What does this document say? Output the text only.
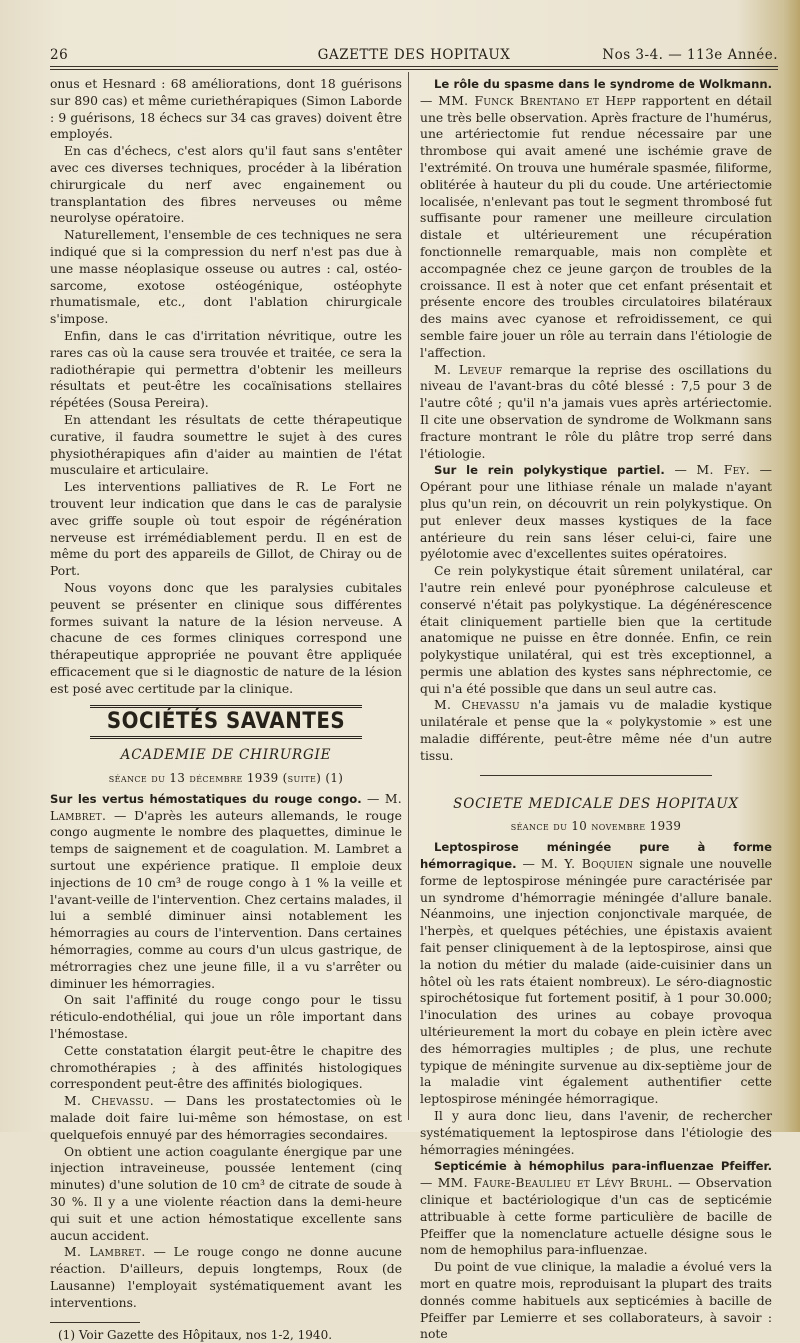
26	GAZETTE DES HOPITAUX	Nos 3-4. — 113e Année.

onus et Hesnard : 68 améliorations, dont 18 guérisons sur 890 cas) et même curiethérapiques (Simon Laborde : 9 guérisons, 18 échecs sur 34 cas graves) doivent être employés.

En cas d'échecs, c'est alors qu'il faut sans s'entêter avec ces diverses techniques, procéder à la libération chirurgicale du nerf avec engainement ou transplantation des fibres nerveuses ou même neurolyse opératoire.

Naturellement, l'ensemble de ces techniques ne sera indiqué que si la compression du nerf n'est pas due à une masse néoplasique osseuse ou autres : cal, ostéo-sarcome, exotose ostéogénique, ostéophyte rhumatismale, etc., dont l'ablation chirurgicale s'impose.

Enfin, dans le cas d'irritation névritique, outre les rares cas où la cause sera trouvée et traitée, ce sera la radiothérapie qui permettra d'obtenir les meilleurs résultats et peut-être les cocaïnisations stellaires répétées (Sousa Pereira).

En attendant les résultats de cette thérapeutique curative, il faudra soumettre le sujet à des cures physiothérapiques afin d'aider au maintien de l'état musculaire et articulaire.

Les interventions palliatives de R. Le Fort ne trouvent leur indication que dans le cas de paralysie avec griffe souple où tout espoir de régénération nerveuse est irrémédiablement perdu. Il en est de même du port des appareils de Gillot, de Chiray ou de Port.

Nous voyons donc que les paralysies cubitales peuvent se présenter en clinique sous différentes formes suivant la nature de la lésion nerveuse. A chacune de ces formes cliniques correspond une thérapeutique appropriée ne pouvant être appliquée efficacement que si le diagnostic de nature de la lésion est posé avec certitude par la clinique.

SOCIÉTÉS SAVANTES
ACADEMIE DE CHIRURGIE
séance du 13 décembre 1939 (suite) (1)

Sur les vertus hémostatiques du rouge congo. — M. Lambret. — D'après les auteurs allemands, le rouge congo augmente le nombre des plaquettes, diminue le temps de saignement et de coagulation. M. Lambret a surtout une expérience pratique. Il emploie deux injections de 10 cm³ de rouge congo à 1 % la veille et l'avant-veille de l'intervention. Chez certains malades, il lui a semblé diminuer ainsi notablement les hémorragies au cours de l'intervention. Dans certaines hémorragies, comme au cours d'un ulcus gastrique, de métrorragies chez une jeune fille, il a vu s'arrêter ou diminuer les hémorragies.

On sait l'affinité du rouge congo pour le tissu réticulo-endothélial, qui joue un rôle important dans l'hémostase.

Cette constatation élargit peut-être le chapitre des chromothérapies ; à des affinités histologiques correspondent peut-être des affinités biologiques.

M. Chevassu. — Dans les prostatectomies où le malade doit faire lui-même son hémostase, on est quelquefois ennuyé par des hémorragies secondaires.

On obtient une action coagulante énergique par une injection intraveineuse, poussée lentement (cinq minutes) d'une solution de 10 cm³ de citrate de soude à 30 %. Il y a une violente réaction dans la demi-heure qui suit et une action hémostatique excellente sans aucun accident.

M. Lambret. — Le rouge congo ne donne aucune réaction. D'ailleurs, depuis longtemps, Roux (de Lausanne) l'employait systématiquement avant les interventions.

(1) Voir Gazette des Hôpitaux, nos 1-2, 1940.

Le rôle du spasme dans le syndrome de Wolkmann. — MM. Funck Brentano et Hepp rapportent en détail une très belle observation. Après fracture de l'humérus, une artériectomie fut rendue nécessaire par une thrombose qui avait amené une ischémie grave de l'extrémité. On trouva une humérale spasmée, filiforme, oblitérée à hauteur du pli du coude. Une artériectomie localisée, n'enlevant pas tout le segment thrombosé fut suffisante pour ramener une meilleure circulation distale et ultérieurement une récupération fonctionnelle remarquable, mais non complète et accompagnée chez ce jeune garçon de troubles de la croissance. Il est à noter que cet enfant présentait et présente encore des troubles circulatoires bilatéraux des mains avec cyanose et refroidissement, ce qui semble faire jouer un rôle au terrain dans l'étiologie de l'affection.

M. Leveuf remarque la reprise des oscillations du niveau de l'avant-bras du côté blessé : 7,5 pour 3 de l'autre côté ; qu'il n'a jamais vues après artériectomie. Il cite une observation de syndrome de Wolkmann sans fracture montrant le rôle du plâtre trop serré dans l'étiologie.

Sur le rein polykystique partiel. — M. Fey. — Opérant pour une lithiase rénale un malade n'ayant plus qu'un rein, on découvrit un rein polykystique. On put enlever deux masses kystiques de la face antérieure du rein sans léser celui-ci, faire une pyélotomie avec d'excellentes suites opératoires.

Ce rein polykystique était sûrement unilatéral, car l'autre rein enlevé pour pyonéphrose calculeuse et conservé n'était pas polykystique. La dégénérescence était cliniquement partielle bien que la certitude anatomique ne puisse en être donnée. Enfin, ce rein polykystique unilatéral, qui est très exceptionnel, a permis une ablation des kystes sans néphrectomie, ce qui n'a été possible que dans un seul autre cas.

M. Chevassu n'a jamais vu de maladie kystique unilatérale et pense que la « polykystomie » est une maladie différente, peut-être même née d'un autre tissu.

SOCIETE MEDICALE DES HOPITAUX
séance du 10 novembre 1939

Leptospirose méningée pure à forme hémorragique. — M. Y. Boquien signale une nouvelle forme de leptospirose méningée pure caractérisée par un syndrome d'hémorragie méningée d'allure banale. Néanmoins, une injection conjonctivale marquée, de l'herpès, et quelques pétéchies, une épistaxis avaient fait penser cliniquement à de la leptospirose, ainsi que la notion du métier du malade (aide-cuisinier dans un hôtel où les rats étaient nombreux). Le séro-diagnostic spirochétosique fut fortement positif, à 1 pour 30.000; l'inoculation des urines au cobaye provoqua ultérieurement la mort du cobaye en plein ictère avec des hémorragies multiples ; de plus, une rechute typique de méningite survenue au dix-septième jour de la maladie vint également authentifier cette leptospirose méningée hémorragique.

Il y aura donc lieu, dans l'avenir, de rechercher systématiquement la leptospirose dans l'étiologie des hémorragies méningées.

Septicémie à hémophilus para-influenzae Pfeiffer. — MM. Faure-Beaulieu et Lévy Bruhl. — Observation clinique et bactériologique d'un cas de septicémie attribuable à cette forme particulière de bacille de Pfeiffer que la nomenclature actuelle désigne sous le nom de hemophilus para-influenzae.

Du point de vue clinique, la maladie a évolué vers la mort en quatre mois, reproduisant la plupart des traits donnés comme habituels aux septicémies à bacille de Pfeiffer par Lemierre et ses collaborateurs, à savoir : note
